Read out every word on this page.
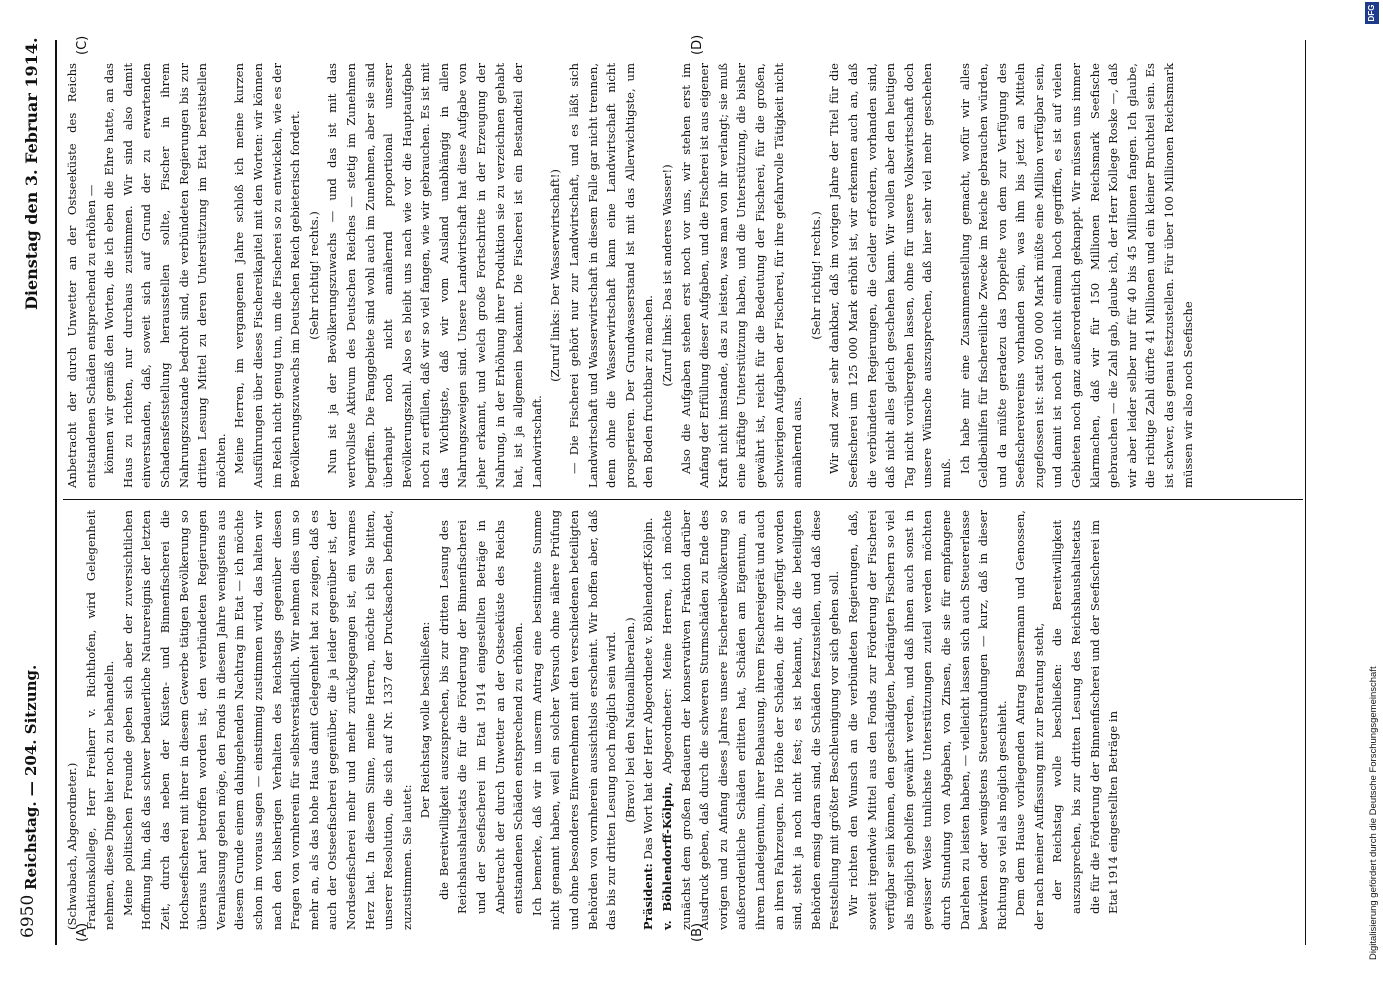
6950
Reichstag. — 204. Sitzung.
Dienstag den 3. Februar 1914.
(A)	(B)
(C)	(D)

(Schwabach, Abgeordneter.) Fraktionskollege, Herr Freiherr v. Richthofen, wird Gelegenheit nehmen, diese Dinge hier noch zu behandeln. Meine politischen Freunde geben sich aber der zuversichtlichen Hoffnung hin, daß das schwer bedauerliche Naturereignis der letzten Zeit, durch das neben der Küsten- und Binnenfischerei die Hochseefischerei mit ihrer in diesem Gewerbe tätigen Bevölkerung so überaus hart betroffen worden ist, den verbündeten Regierungen Veranlassung geben möge, den Fonds in diesem Jahre wenigstens aus diesem Grunde einem dahingehenden Nachtrag im Etat — ich möchte schon im voraus sagen — einstimmig zustimmen wird, das halten wir nach den bisherigen Verhalten des Reichstags gegenüber diesen Fragen von vornherein für selbstverständlich. Wir nehmen dies um so mehr an, als das hohe Haus damit Gelegenheit hat zu zeigen, daß es auch der Ostseefischerei gegenüber, die ja leider gegenüber ist, der Nordseefischerei mehr und mehr zurückgegangen ist, ein warmes Herz hat. In diesem Sinne, meine Herren, möchte ich Sie bitten, unserer Resolution, die sich auf Nr. 1337 der Drucksachen befindet, zuzustimmen. Sie lautet:

Der Reichstag wolle beschließen: die Bereitwilligkeit auszusprechen, bis zur dritten Lesung des Reichshaushaltsetats die für die Förderung der Binnenfischerei und der Seefischerei im Etat 1914 eingestellten Beträge in Anbetracht der durch Unwetter an der Ostseeküste des Reichs entstandenen Schäden entsprechend zu erhöhen. Ich bemerke, daß wir in unserm Antrag eine bestimmte Summe nicht genannt haben, weil ein solcher Versuch ohne nähere Prüfung und ohne besonderes Einvernehmen mit den verschiedenen beteiligten Behörden von vornherein aussichtslos erscheint. Wir hoffen aber, daß das bis zur dritten Lesung noch möglich sein wird. (Bravo! bei den Nationalliberalen.)

Präsident: Das Wort hat der Herr Abgeordnete v. Böhlendorff-Kölpin. v. Böhlendorff-Kölpin, Abgeordneter: Meine Herren, ich möchte zunächst dem großen Bedauern der konservativen Fraktion darüber Ausdruck geben, daß durch die schweren Sturmschäden zu Ende des vorigen und zu Anfang dieses Jahres unsere Fischereibevölkerung so außerordentliche Schäden erlitten hat, Schäden am Eigentum, an ihrem Landeigentum, ihrer Behausung, ihrem Fischereigerät und auch an ihren Fahrzeugen. Die Höhe der Schäden, die ihr zugefügt worden sind, steht ja noch nicht fest; es ist bekannt, daß die beteiligten Behörden emsig daran sind, die Schäden festzustellen, und daß diese Feststellung mit größter Beschleunigung vor sich gehen soll. Wir richten den Wunsch an die verbündeten Regierungen, daß, soweit irgendwie Mittel aus den Fonds zur Förderung der Fischerei verfügbar sein können, den geschädigten, bedrängten Fischern so viel als möglich geholfen gewährt werden, und daß ihnen auch sonst in gewisser Weise tunlichste Unterstützungen zuteil werden möchten durch Stundung von Abgaben, von Zinsen, die sie für empfangene Darlehen zu leisten haben, — vielleicht lassen sich auch Steuererlasse bewirken oder wenigstens Steuerstundungen — kurz, daß in dieser Richtung so viel als möglich geschieht. Dem dem Hause vorliegenden Antrag Bassermann und Genossen, der nach meiner Auffassung mit zur Beratung steht, der Reichstag wolle beschließen: die Bereitwilligkeit auszusprechen, bis zur dritten Lesung des Reichshaushaltsetats die für die Förderung der Binnenfischerei und der Seefischerei im Etat 1914 eingestellten Beträge in

Anbetracht der durch Unwetter an der Ostseeküste des Reichs entstandenen Schäden entsprechend zu erhöhen — können wir gemäß den Worten, die ich eben die Ehre hatte, an das Haus zu richten, nur durchaus zustimmen. Wir sind also damit einverstanden, daß, soweit sich auf Grund der zu erwartenden Schadensfeststellung herausstellen sollte, Fischer in ihrem Nahrungszustande bedroht sind, die verbündeten Regierungen bis zur dritten Lesung Mittel zu deren Unterstützung im Etat bereitstellen möchten. Meine Herren, im vergangenen Jahre schloß ich meine kurzen Ausführungen über dieses Fischereikapitel mit den Worten: wir können im Reich nicht genug tun, um die Fischerei so zu entwickeln, wie es der Bevölkerungszuwachs im Deutschen Reich gebieterisch fordert. (Sehr richtig! rechts.) Nun ist ja der Bevölkerungszuwachs — und das ist mit das wertvollste Aktivum des Deutschen Reiches — stetig im Zunehmen begriffen. Die Fanggebiete sind wohl auch im Zunehmen, aber sie sind überhaupt noch nicht annähernd proportional unserer Bevölkerungszahl. Also es bleibt uns nach wie vor die Hauptaufgabe noch zu erfüllen, daß wir so viel fangen, wie wir gebrauchen. Es ist mit das Wichtigste, daß wir vom Ausland unabhängig in allen Nahrungszweigen sind. Unsere Landwirtschaft hat diese Aufgabe von jeher erkannt, und welch große Fortschritte in der Erzeugung der Nahrung, in der Erhöhung ihrer Produktion sie zu verzeichnen gehabt hat, ist ja allgemein bekannt. Die Fischerei ist ein Bestandteil der Landwirtschaft.

(Zuruf links: Der Wasserwirtschaft!) — Die Fischerei gehört nur zur Landwirtschaft, und es läßt sich Landwirtschaft und Wasserwirtschaft in diesem Falle gar nicht trennen, denn ohne die Wasserwirtschaft kann eine Landwirtschaft nicht prosperieren. Der Grundwasserstand ist mit das Allerwichtigste, um den Boden fruchtbar zu machen.

(Zuruf links: Das ist anderes Wasser!) Also die Aufgaben stehen erst noch vor uns, wir stehen erst im Anfang der Erfüllung dieser Aufgaben, und die Fischerei ist aus eigener Kraft nicht imstande, das zu leisten, was man von ihr verlangt; sie muß eine kräftige Unterstützung haben, und die Unterstützung, die bisher gewährt ist, reicht für die Bedeutung der Fischerei, für die großen, schwierigen Aufgaben der Fischerei, für ihre gefahrvolle Tätigkeit nicht annähernd aus.

(Sehr richtig! rechts.) Wir sind zwar sehr dankbar, daß im vorigen Jahre der Titel für die Seefischerei um 125 000 Mark erhöht ist, wir erkennen auch an, daß die verbündeten Regierungen, die Gelder erfordern, vorhanden sind, daß nicht alles gleich geschehen kann. Wir wollen aber den heutigen Tag nicht vorübergehen lassen, ohne für unsere Volkswirtschaft doch unsere Wünsche auszusprechen, daß hier sehr viel mehr geschehen muß. Ich habe mir eine Zusammenstellung gemacht, wofür wir alles Geldbeihilfen für fischereiliche Zwecke im Reiche gebrauchen würden, und da müßte geradezu das Doppelte von dem zur Verfügung des Seefischereivereins vorhanden sein, was ihm bis jetzt an Mitteln zugeflossen ist: statt 500 000 Mark müßte eine Million verfügbar sein, und damit ist noch gar nicht einmal hoch gegriffen, es ist auf vielen Gebieten noch ganz außerordentlich geknappt. Wir müssen uns immer klarmachen, daß wir für 150 Millionen Reichsmark Seefische gebrauchen — die Zahl gab, glaube ich, der Herr Kollege Roske —, daß wir aber leider selber nur für 40 bis 45 Millionen fangen. Ich glaube, die richtige Zahl dürfte 41 Millionen und ein kleiner Bruchteil sein. Es ist schwer, das genau festzustellen. Für über 100 Millionen Reichsmark müssen wir also noch Seefische

Digitalisierung gefördert durch die Deutsche Forschungsgemeinschaft
DFG
